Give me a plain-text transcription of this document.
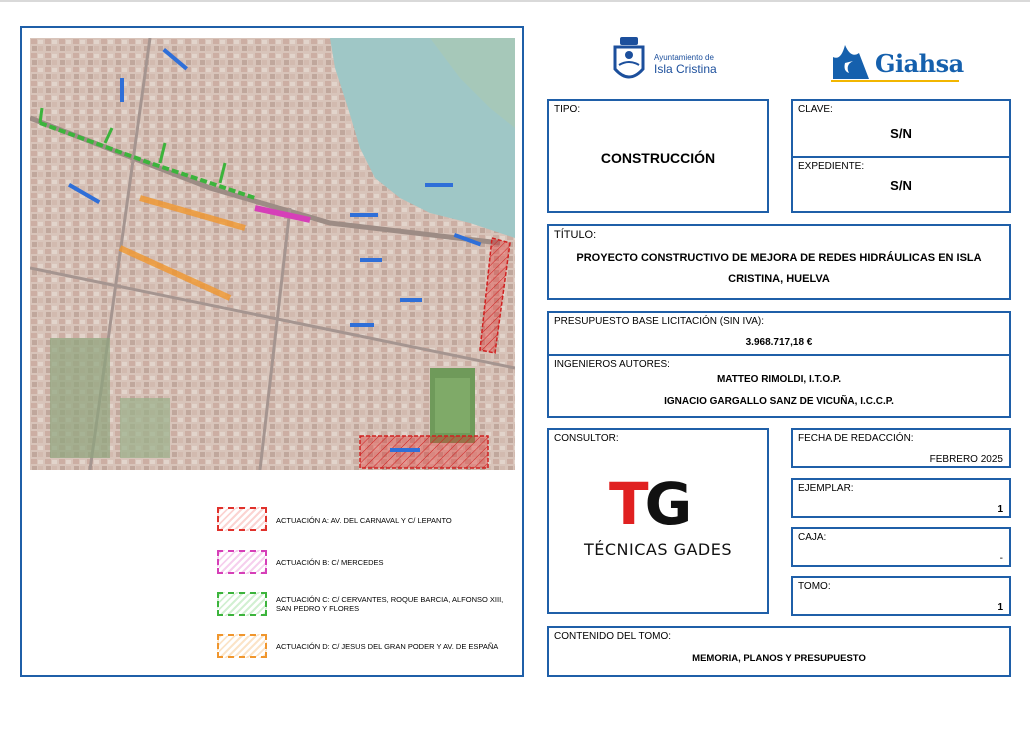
ACTUACIÓN A: AV. DEL CARNAVAL Y C/ LEPANTO
ACTUACIÓN B: C/ MERCEDES
ACTUACIÓN C: C/ CERVANTES, ROQUE BARCIA, ALFONSO XIII,
SAN PEDRO Y FLORES
ACTUACIÓN D: C/ JESUS DEL GRAN PODER Y AV. DE ESPAÑA
Ayuntamiento de
Isla Cristina	Giahsa
TIPO:
CONSTRUCCIÓN
CLAVE:
S/N
EXPEDIENTE:
S/N
TÍTULO:
PROYECTO CONSTRUCTIVO DE MEJORA DE REDES HIDRÁULICAS EN ISLA
CRISTINA, HUELVA
PRESUPUESTO BASE LICITACIÓN (SIN IVA):
3.968.717,18 €
INGENIEROS AUTORES:
MATTEO RIMOLDI, I.T.O.P.
IGNACIO GARGALLO SANZ DE VICUÑA, I.C.C.P.
CONSULTOR:
TG
TÉCNICAS GADES
FECHA DE REDACCIÓN:
FEBRERO 2025
EJEMPLAR:
1
CAJA:
-
TOMO:
1
CONTENIDO DEL TOMO:
MEMORIA, PLANOS Y PRESUPUESTO
